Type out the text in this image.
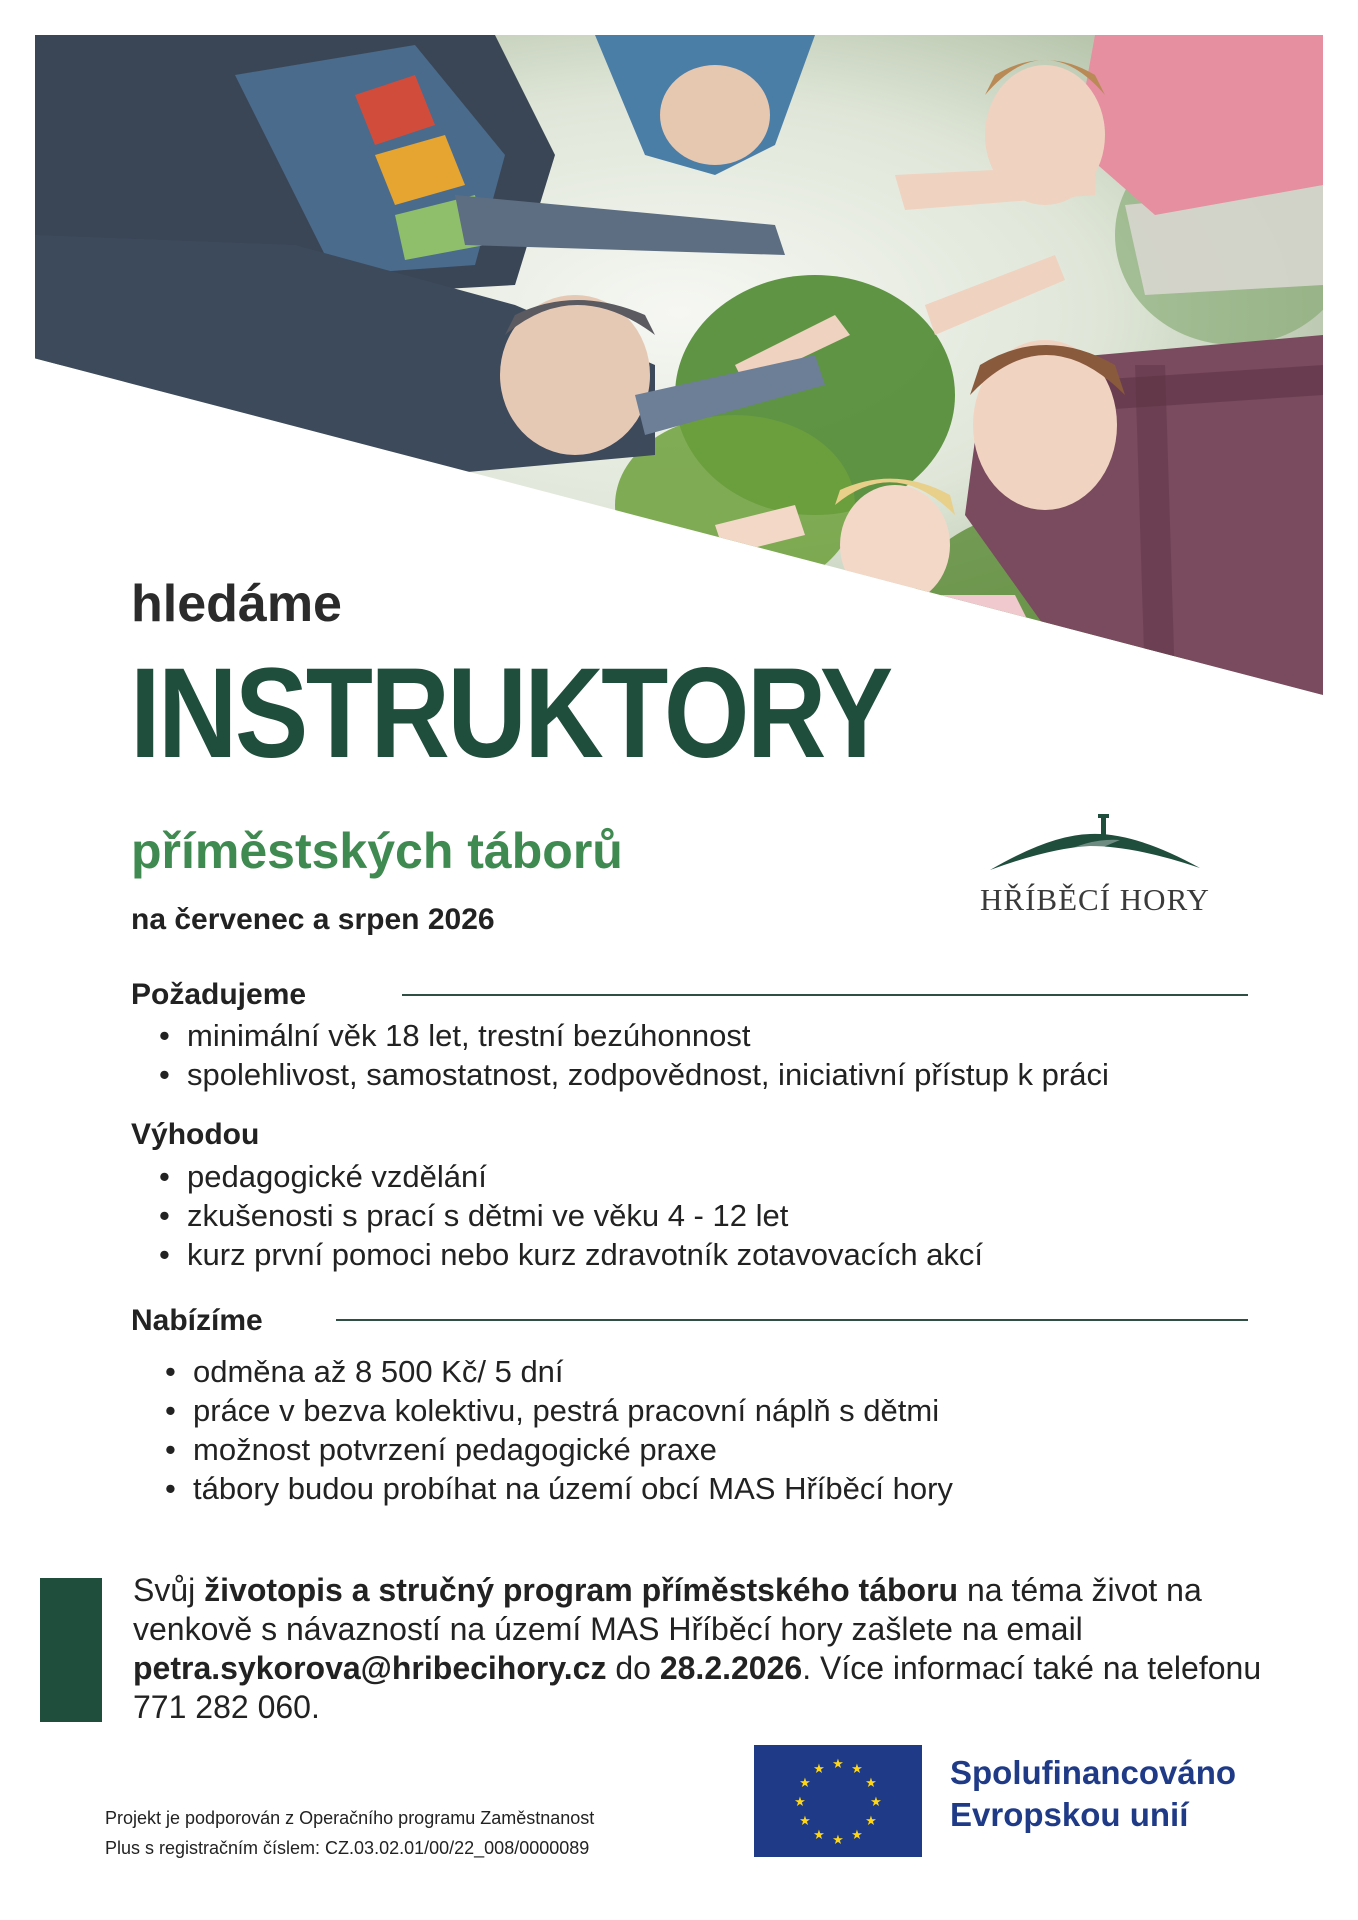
hledáme
INSTRUKTORY
příměstských táborů
na červenec a srpen 2026
HŘÍBĚCÍ HORY
Požadujeme
• minimální věk 18 let, trestní bezúhonnost
• spolehlivost, samostatnost, zodpovědnost, iniciativní přístup k práci
Výhodou
• pedagogické vzdělání
• zkušenosti s prací s dětmi ve věku 4 - 12 let
• kurz první pomoci nebo kurz zdravotník zotavovacích akcí
Nabízíme
• odměna až 8 500 Kč/ 5 dní
• práce v bezva kolektivu, pestrá pracovní náplň s dětmi
• možnost potvrzení pedagogické praxe
• tábory budou probíhat na území obcí MAS Hříběcí hory
Svůj životopis a stručný program příměstského táboru na téma život na venkově s návazností na území MAS Hříběcí hory zašlete na email petra.sykorova@hribecihory.cz do 28.2.2026. Více informací také na telefonu 771 282 060.
Projekt je podporován z Operačního programu Zaměstnanost
Plus s registračním číslem: CZ.03.02.01/00/22_008/0000089
★ ★
★
★
★
★
★
★
★
★
★
★	Spolufinancováno
Evropskou unií
